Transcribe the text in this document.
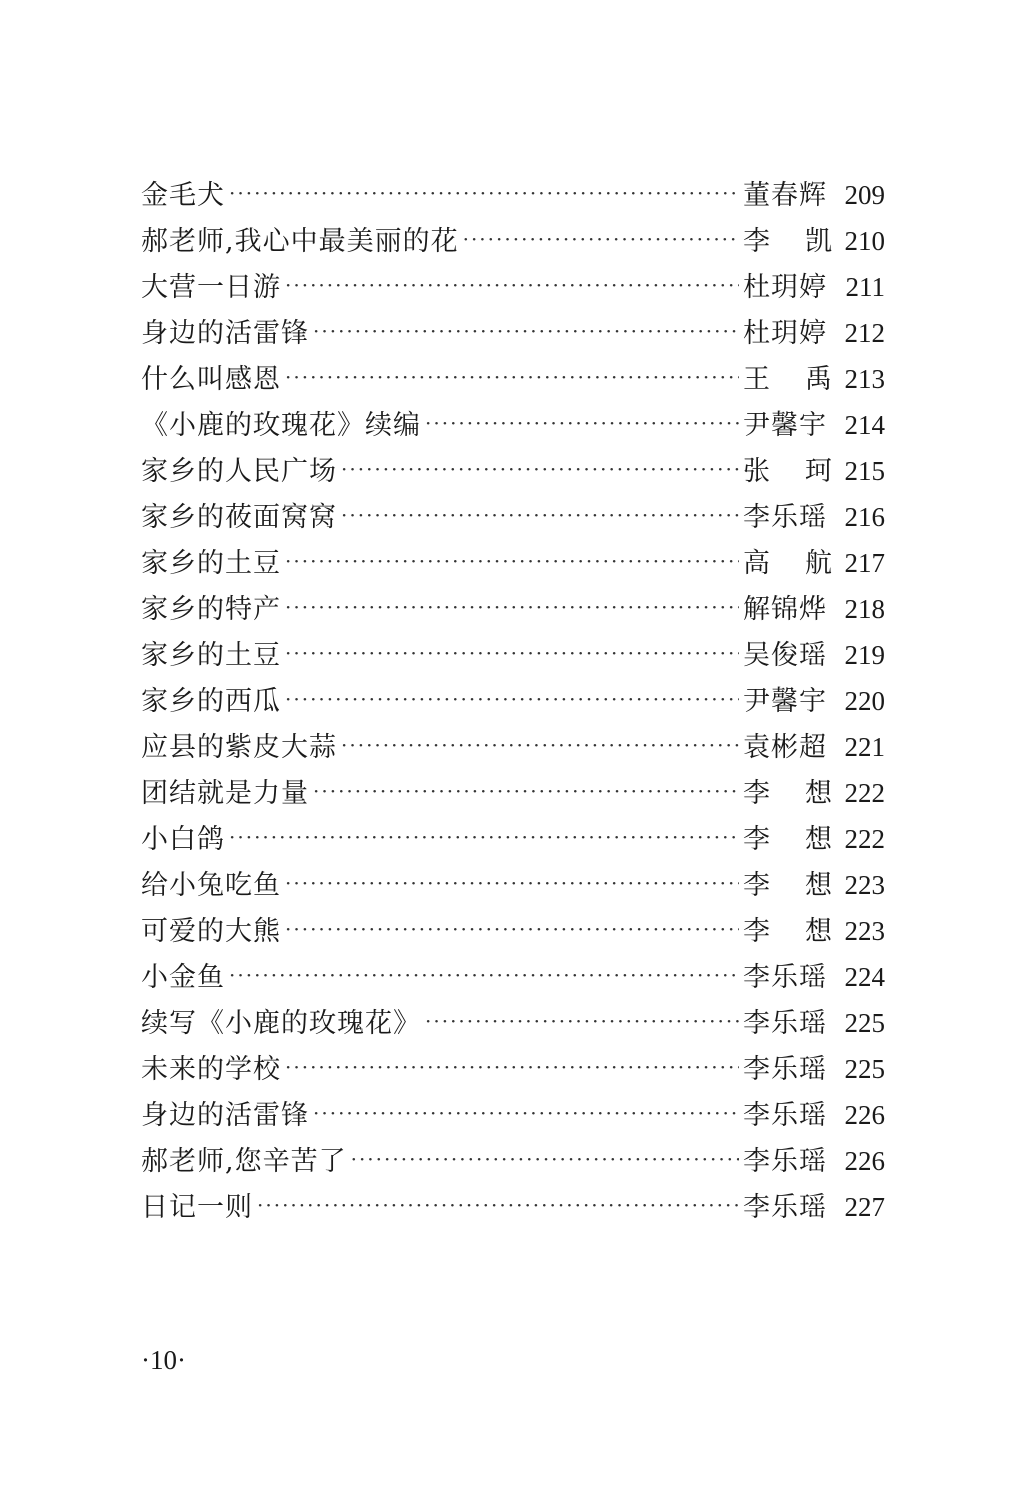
金毛犬 ·····	董春辉 209
郝老师,我心中最美丽的花 ·····	李 凯 210
大营一日游 ·····	杜玥婷 211
身边的活雷锋 ·····	杜玥婷 212
什么叫感恩 ·····	王 禹 213
《小鹿的玫瑰花》续编 ·····	尹馨宇 214
家乡的人民广场 ·····	张 珂 215
家乡的莜面窝窝 ·····	李乐瑶 216
家乡的土豆 ·····	高 航 217
家乡的特产 ·····	解锦烨 218
家乡的土豆 ·····	吴俊瑶 219
家乡的西瓜 ·····	尹馨宇 220
应县的紫皮大蒜 ·····	袁彬超 221
团结就是力量 ·····	李 想 222
小白鸽 ·····	李 想 222
给小兔吃鱼 ·····	李 想 223
可爱的大熊 ·····	李 想 223
小金鱼 ·····	李乐瑶 224
续写《小鹿的玫瑰花》 ·····	李乐瑶 225
未来的学校 ·····	李乐瑶 225
身边的活雷锋 ·····	李乐瑶 226
郝老师,您辛苦了 ·····	李乐瑶 226
日记一则 ·····	李乐瑶 227
·10·
